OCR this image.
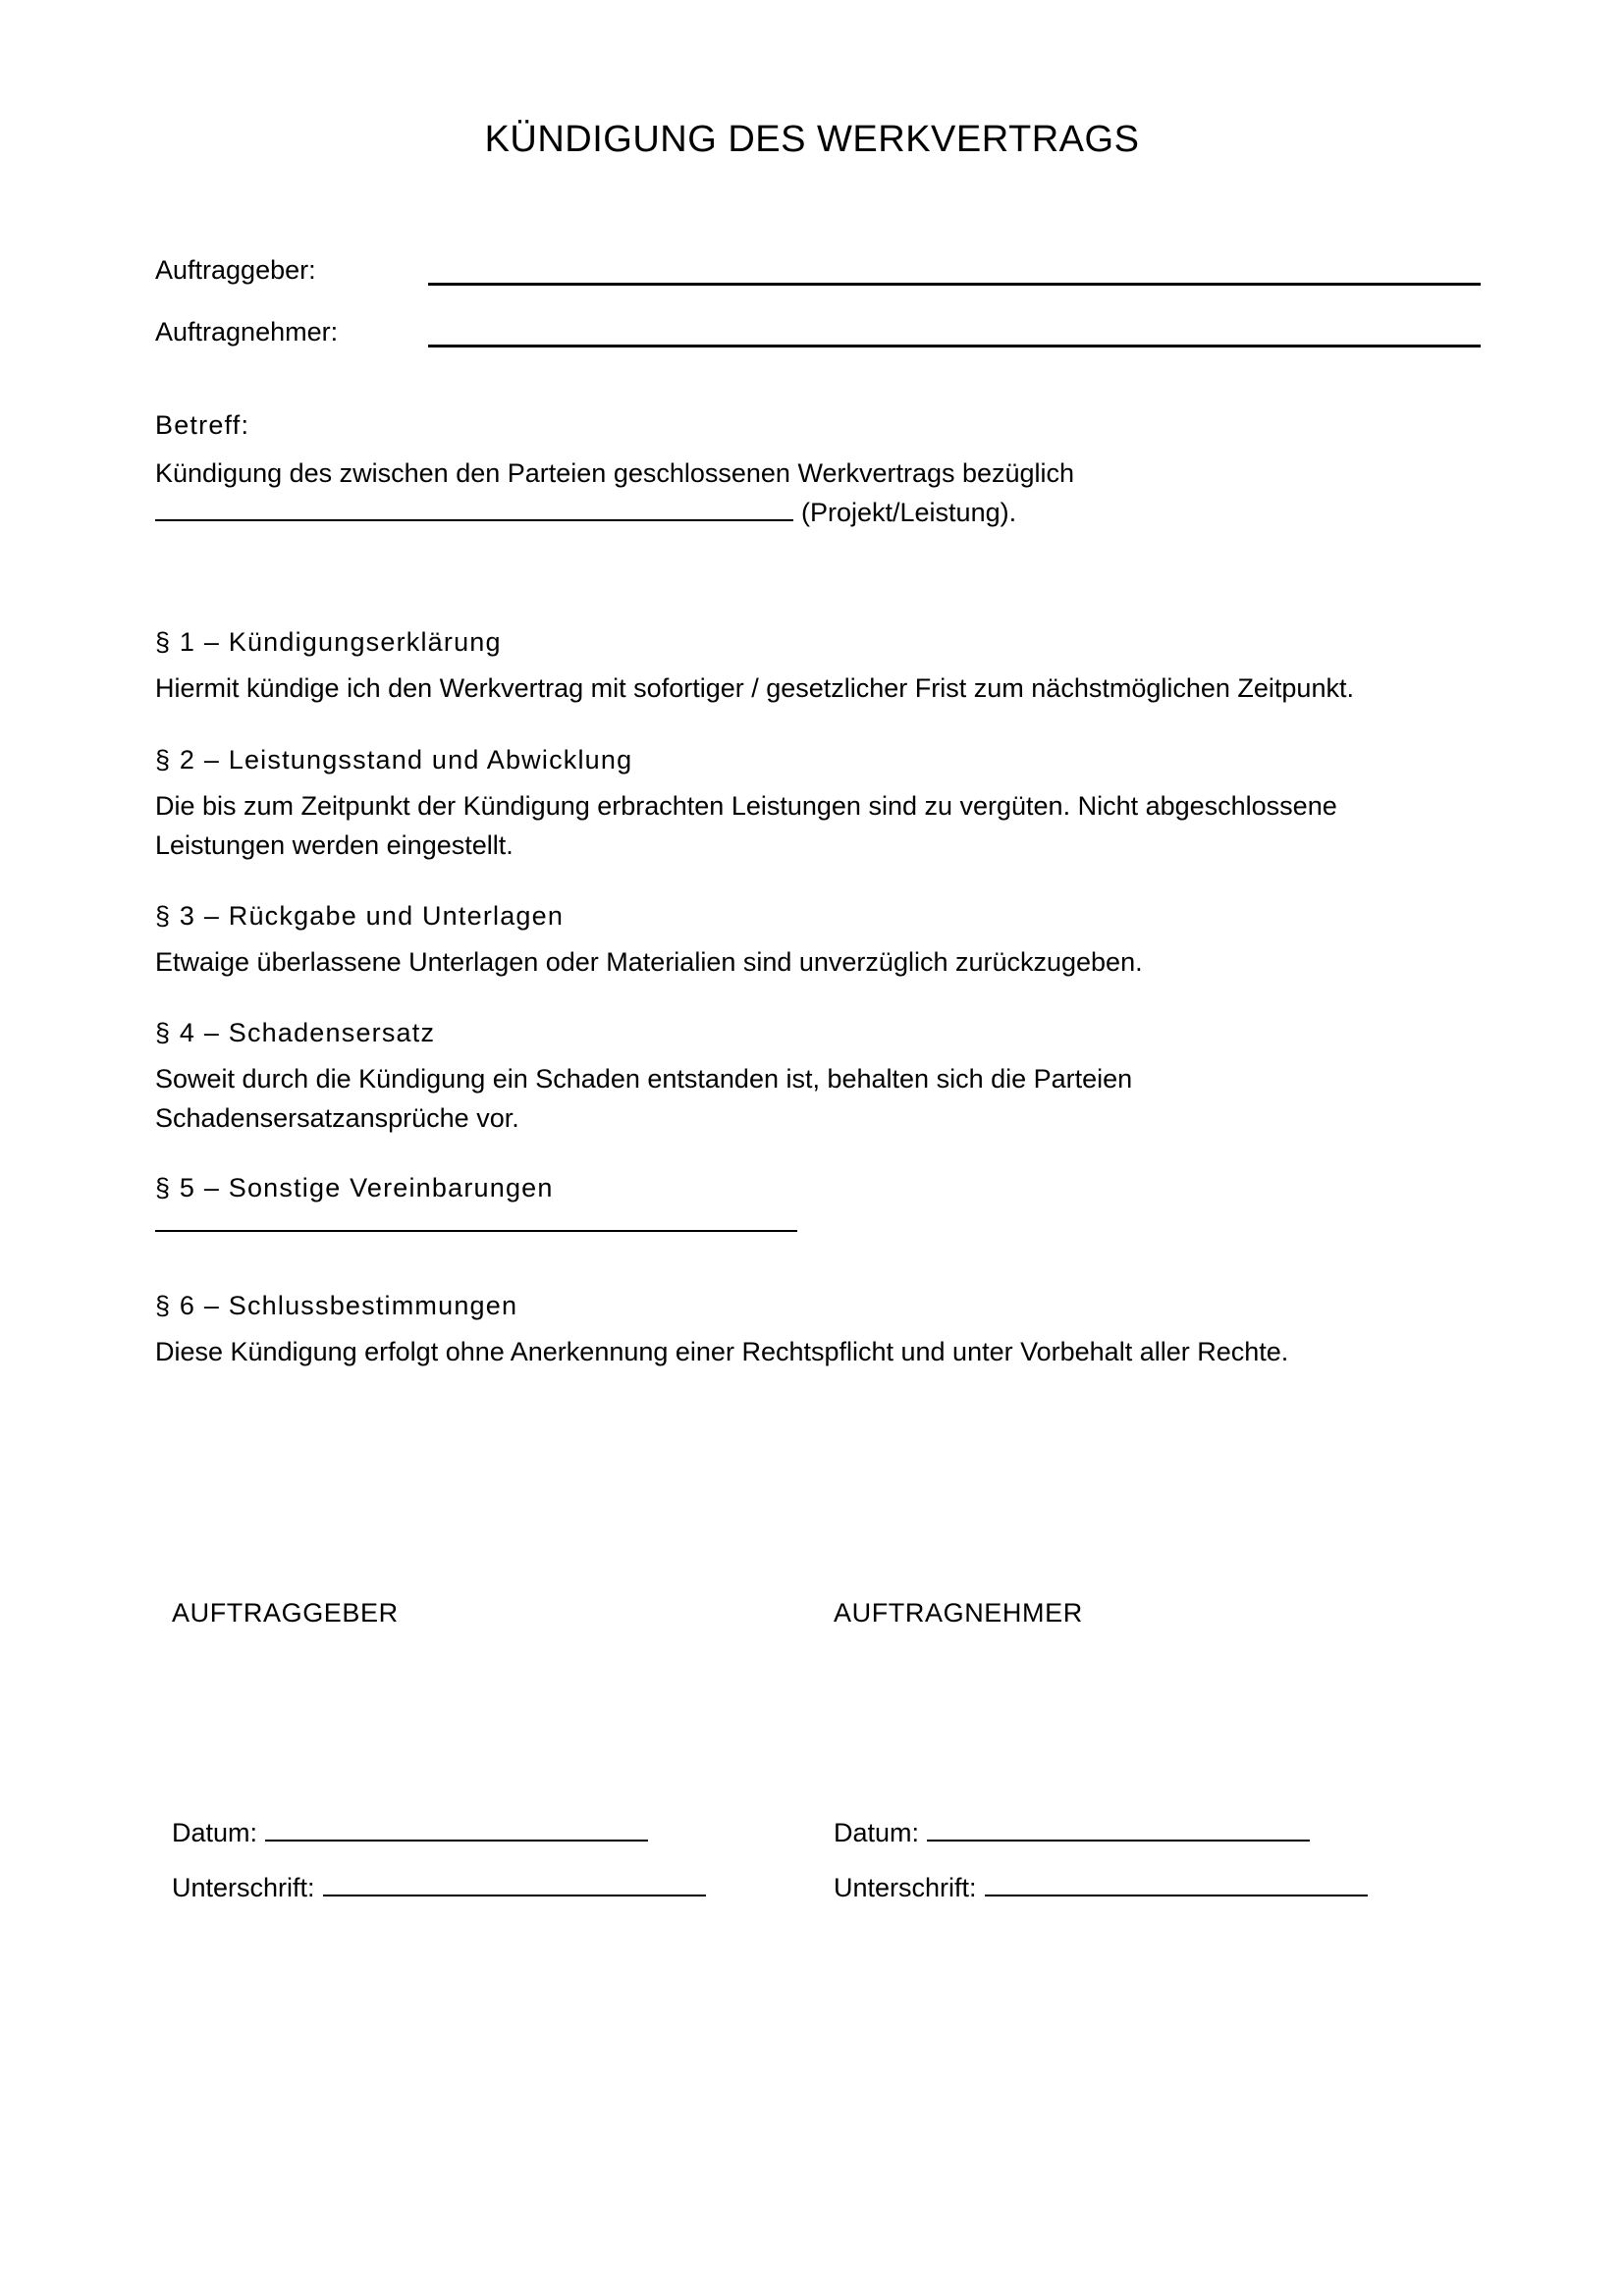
KÜNDIGUNG DES WERKVERTRAGS
Auftraggeber:
Auftragnehmer:

Betreff:

Kündigung des zwischen den Parteien geschlossenen Werkvertrags bezüglich
(Projekt/Leistung).

§ 1 – Kündigungserklärung

Hiermit kündige ich den Werkvertrag mit sofortiger / gesetzlicher Frist zum nächstmöglichen Zeitpunkt.

§ 2 – Leistungsstand und Abwicklung

Die bis zum Zeitpunkt der Kündigung erbrachten Leistungen sind zu vergüten. Nicht abgeschlossene
Leistungen werden eingestellt.

§ 3 – Rückgabe und Unterlagen

Etwaige überlassene Unterlagen oder Materialien sind unverzüglich zurückzugeben.

§ 4 – Schadensersatz

Soweit durch die Kündigung ein Schaden entstanden ist, behalten sich die Parteien
Schadensersatzansprüche vor.

§ 5 – Sonstige Vereinbarungen

§ 6 – Schlussbestimmungen

Diese Kündigung erfolgt ohne Anerkennung einer Rechtspflicht und unter Vorbehalt aller Rechte.

AUFTRAGGEBER
Datum:
Unterschrift:
AUFTRAGNEHMER
Datum:
Unterschrift:
